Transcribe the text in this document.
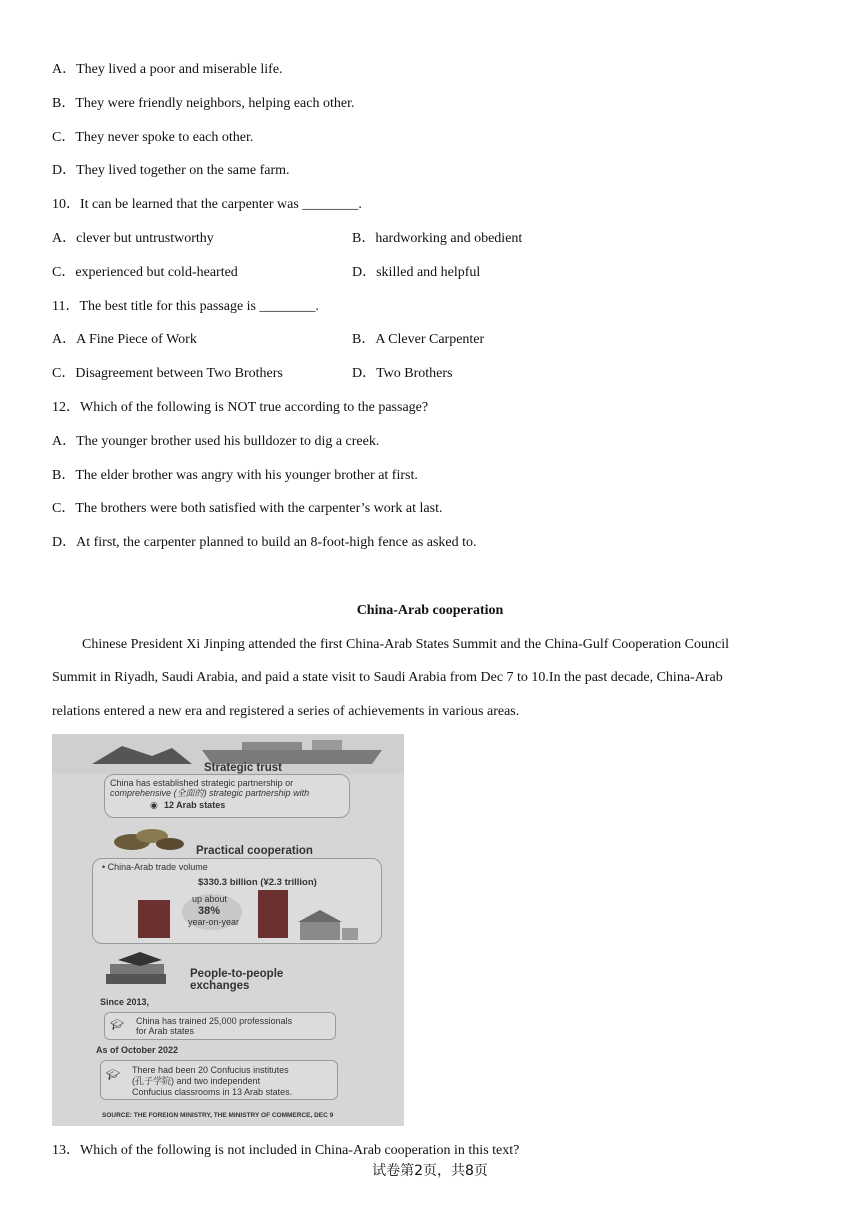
A．They lived a poor and miserable life.
B．They were friendly neighbors, helping each other.
C．They never spoke to each other.
D．They lived together on the same farm.
10．It can be learned that the carpenter was ________.
A．clever but untrustworthy	B．hardworking and obedient
C．experienced but cold-hearted	D．skilled and helpful
11．The best title for this passage is ________.
A．A Fine Piece of Work	B．A Clever Carpenter
C．Disagreement between Two Brothers	D．Two Brothers
12．Which of the following is NOT true according to the passage?
A．The younger brother used his bulldozer to dig a creek.
B．The elder brother was angry with his younger brother at first.
C．The brothers were both satisfied with the carpenter’s work at last.
D．At first, the carpenter planned to build an 8-foot-high fence as asked to.
China-Arab cooperation
Chinese President Xi Jinping attended the first China-Arab States Summit and the China-Gulf Cooperation Council
Summit in Riyadh, Saudi Arabia, and paid a state visit to Saudi Arabia from Dec 7 to 10.In the past decade, China-Arab
relations entered a new era and registered a series of achievements in various areas.
Strategic trust
China has established strategic partnership or
comprehensive (全面的) strategic partnership with
◉ 12 Arab states
Practical cooperation
• China-Arab trade volume
$330.3 billion (¥2.3 trillion)
up about
38%
year-on-year
People-to-people
exchanges
Since 2013,
🎓︎ China has trained 25,000 professionals
for Arab states
As of October 2022
🎓︎ There had been 20 Confucius institutes
(孔子学院) and two independent
Confucius classrooms in 13 Arab states.
SOURCE: THE FOREIGN MINISTRY, THE MINISTRY OF COMMERCE, DEC 9
13．Which of the following is not included in China-Arab cooperation in this text?
试卷第2页，共8页
